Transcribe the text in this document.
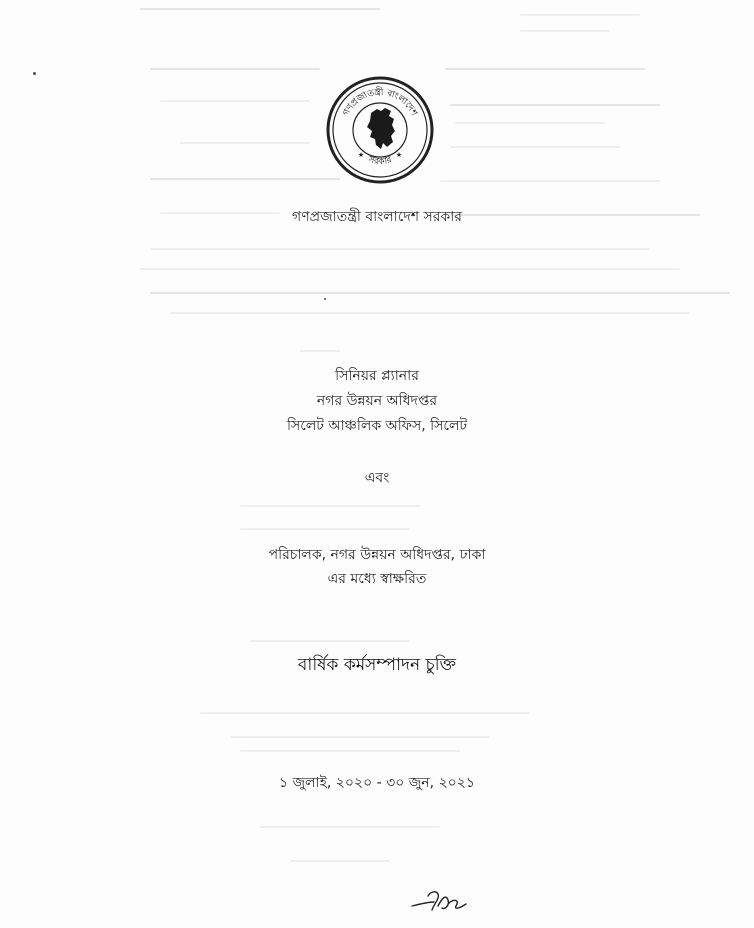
গণপ্রজাতন্ত্রী বাংলাদেশ
সরকার
★	★
গণপ্রজাতন্ত্রী বাংলাদেশ সরকার
সিনিয়র প্ল্যানার
নগর উন্নয়ন অধিদপ্তর
সিলেট আঞ্চলিক অফিস, সিলেট
এবং
পরিচালক, নগর উন্নয়ন অধিদপ্তর, ঢাকা
এর মধ্যে স্বাক্ষরিত
বার্ষিক কর্মসম্পাদন চুক্তি
১ জুলাই, ২০২০ - ৩০ জুন, ২০২১
